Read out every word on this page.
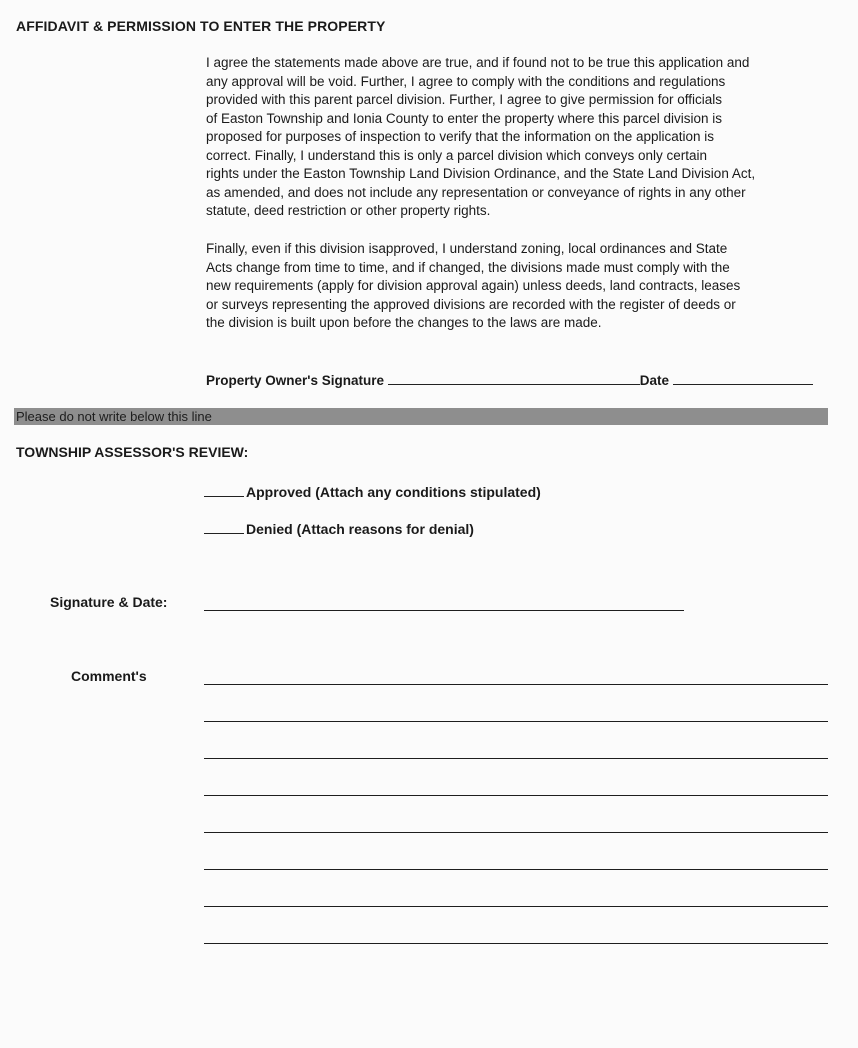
AFFIDAVIT & PERMISSION TO ENTER THE PROPERTY
I agree the statements made above are true, and if found not to be true this application and
any approval will be void. Further, I agree to comply with the conditions and regulations
provided with this parent parcel division. Further, I agree to give permission for officials
of Easton Township and Ionia County to enter the property where this parcel division is
proposed for purposes of inspection to verify that the information on the application is
correct. Finally, I understand this is only a parcel division which conveys only certain
rights under the Easton Township Land Division Ordinance, and the State Land Division Act,
as amended, and does not include any representation or conveyance of rights in any other
statute, deed restriction or other property rights.
Finally, even if this division isapproved, I understand zoning, local ordinances and State
Acts change from time to time, and if changed, the divisions made must comply with the
new requirements (apply for division approval again) unless deeds, land contracts, leases
or surveys representing the approved divisions are recorded with the register of deeds or
the division is built upon before the changes to the laws are made.
Property Owner's Signature	Date
Please do not write below this line
TOWNSHIP ASSESSOR'S REVIEW:
Approved (Attach any conditions stipulated)
Denied (Attach reasons for denial)
Signature & Date:
Comment's
